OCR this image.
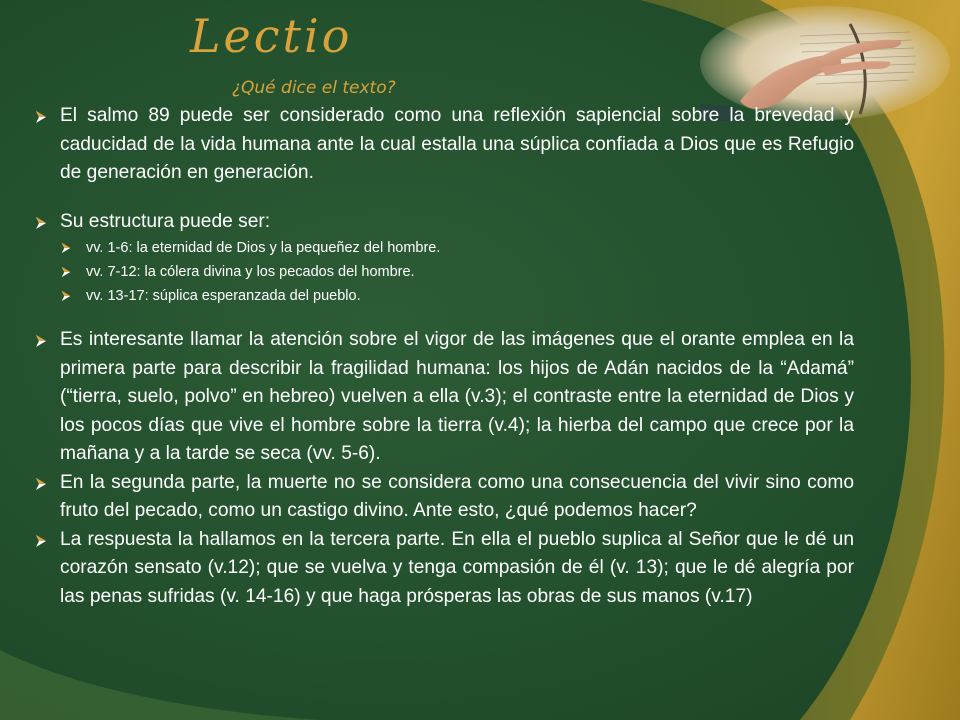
Lectio
¿Qué dice el texto?

El salmo 89 puede ser considerado como una reflexión sapiencial sobre la brevedad y caducidad de la vida humana ante la cual estalla una súplica confiada a Dios que es Refugio de generación en generación.

Su estructura puede ser:

vv. 1-6: la eternidad de Dios y la pequeñez del hombre.

vv. 7-12: la cólera divina y los pecados del hombre.

vv. 13-17: súplica esperanzada del pueblo.

Es interesante llamar la atención sobre el vigor de las imágenes que el orante emplea en la primera parte para describir la fragilidad humana: los hijos de Adán nacidos de la “Adamá” (“tierra, suelo, polvo” en hebreo) vuelven a ella (v.3); el contraste entre la eternidad de Dios y los pocos días que vive el hombre sobre la tierra (v.4); la hierba del campo que crece por la mañana y a la tarde se seca (vv. 5-6).

En la segunda parte, la muerte no se considera como una consecuencia del vivir sino como fruto del pecado, como un castigo divino. Ante esto, ¿qué podemos hacer?

La respuesta la hallamos en la tercera parte. En ella el pueblo suplica al Señor que le dé un corazón sensato (v.12); que se vuelva y tenga compasión de él (v. 13); que le dé alegría por las penas sufridas (v. 14-16) y que haga prósperas las obras de sus manos (v.17)
